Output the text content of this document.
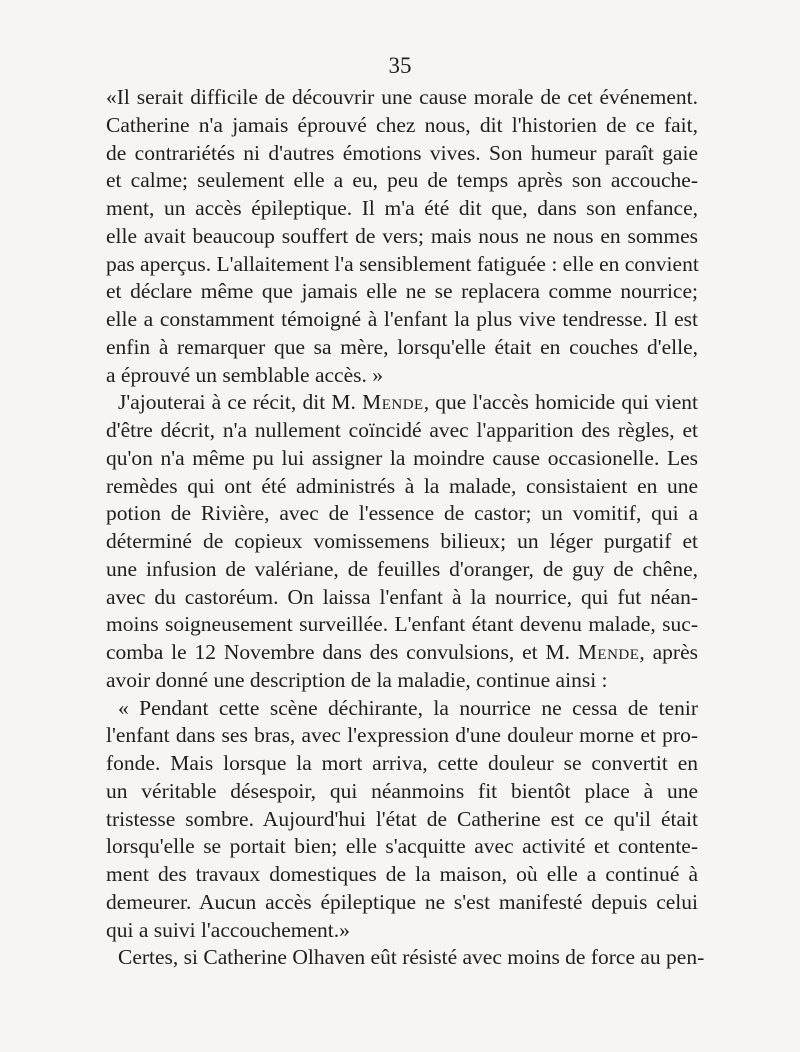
35
«Il serait difficile de découvrir une cause morale de cet événement.
Catherine n'a jamais éprouvé chez nous, dit l'historien de ce fait,
de contrariétés ni d'autres émotions vives. Son humeur paraît gaie
et calme; seulement elle a eu, peu de temps après son accouche-
ment, un accès épileptique. Il m'a été dit que, dans son enfance,
elle avait beaucoup souffert de vers; mais nous ne nous en sommes
pas aperçus. L'allaitement l'a sensiblement fatiguée : elle en convient
et déclare même que jamais elle ne se replacera comme nourrice;
elle a constamment témoigné à l'enfant la plus vive tendresse. Il est
enfin à remarquer que sa mère, lorsqu'elle était en couches d'elle,
a éprouvé un semblable accès. »
J'ajouterai à ce récit, dit M. Mende, que l'accès homicide qui vient
d'être décrit, n'a nullement coïncidé avec l'apparition des règles, et
qu'on n'a même pu lui assigner la moindre cause occasionelle. Les
remèdes qui ont été administrés à la malade, consistaient en une
potion de Rivière, avec de l'essence de castor; un vomitif, qui a
déterminé de copieux vomissemens bilieux; un léger purgatif et
une infusion de valériane, de feuilles d'oranger, de guy de chêne,
avec du castoréum. On laissa l'enfant à la nourrice, qui fut néan-
moins soigneusement surveillée. L'enfant étant devenu malade, suc-
comba le 12 Novembre dans des convulsions, et M. Mende, après
avoir donné une description de la maladie, continue ainsi :
« Pendant cette scène déchirante, la nourrice ne cessa de tenir
l'enfant dans ses bras, avec l'expression d'une douleur morne et pro-
fonde. Mais lorsque la mort arriva, cette douleur se convertit en
un véritable désespoir, qui néanmoins fit bientôt place à une
tristesse sombre. Aujourd'hui l'état de Catherine est ce qu'il était
lorsqu'elle se portait bien; elle s'acquitte avec activité et contente-
ment des travaux domestiques de la maison, où elle a continué à
demeurer. Aucun accès épileptique ne s'est manifesté depuis celui
qui a suivi l'accouchement.»
Certes, si Catherine Olhaven eût résisté avec moins de force au pen-
